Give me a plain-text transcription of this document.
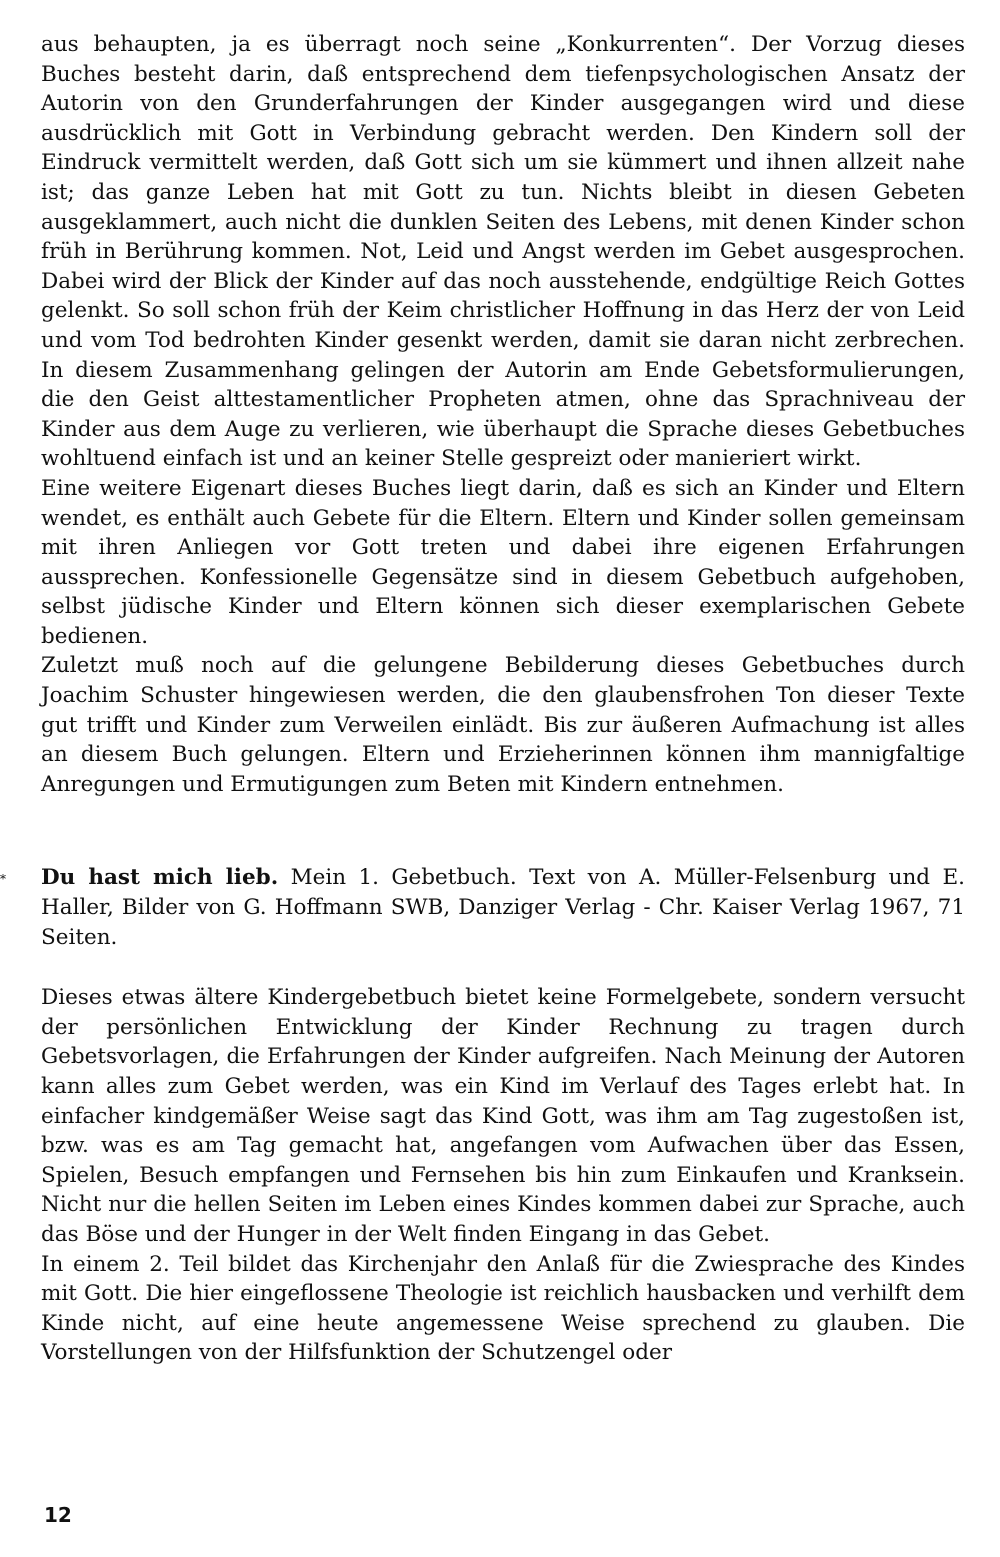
aus behaupten, ja es überragt noch seine „Konkurrenten“. Der Vorzug dieses Buches besteht darin, daß entsprechend dem tiefenpsychologischen Ansatz der Autorin von den Grunderfahrungen der Kinder ausgegangen wird und diese ausdrücklich mit Gott in Verbindung gebracht werden. Den Kindern soll der Eindruck vermittelt werden, daß Gott sich um sie kümmert und ihnen allzeit nahe ist; das ganze Leben hat mit Gott zu tun. Nichts bleibt in diesen Gebeten ausgeklammert, auch nicht die dunklen Seiten des Lebens, mit denen Kinder schon früh in Berührung kommen. Not, Leid und Angst werden im Gebet ausgesprochen. Dabei wird der Blick der Kinder auf das noch ausstehende, endgültige Reich Gottes gelenkt. So soll schon früh der Keim christlicher Hoffnung in das Herz der von Leid und vom Tod bedrohten Kinder gesenkt werden, damit sie daran nicht zerbrechen. In diesem Zusammenhang gelingen der Autorin am Ende Gebetsformulierungen, die den Geist alttestamentlicher Propheten atmen, ohne das Sprachniveau der Kinder aus dem Auge zu verlieren, wie überhaupt die Sprache dieses Gebetbuches wohltuend einfach ist und an keiner Stelle gespreizt oder manieriert wirkt.

Eine weitere Eigenart dieses Buches liegt darin, daß es sich an Kinder und Eltern wendet, es enthält auch Gebete für die Eltern. Eltern und Kinder sollen gemeinsam mit ihren Anliegen vor Gott treten und dabei ihre eigenen Erfahrungen aussprechen. Konfessionelle Gegensätze sind in diesem Gebetbuch aufgehoben, selbst jüdische Kinder und Eltern können sich dieser exemplarischen Gebete bedienen.

Zuletzt muß noch auf die gelungene Bebilderung dieses Gebetbuches durch Joachim Schuster hingewiesen werden, die den glaubensfrohen Ton dieser Texte gut trifft und Kinder zum Verweilen einlädt. Bis zur äußeren Aufmachung ist alles an diesem Buch gelungen. Eltern und Erzieherinnen können ihm mannigfaltige Anregungen und Ermutigungen zum Beten mit Kindern entnehmen.

Du hast mich lieb. Mein 1. Gebetbuch. Text von A. Müller-Felsenburg und E. Haller, Bilder von G. Hoffmann SWB, Danziger Verlag - Chr. Kaiser Verlag 1967, 71 Seiten.

Dieses etwas ältere Kindergebetbuch bietet keine Formelgebete, sondern versucht der persönlichen Entwicklung der Kinder Rechnung zu tragen durch Gebetsvorlagen, die Erfahrungen der Kinder aufgreifen. Nach Meinung der Autoren kann alles zum Gebet werden, was ein Kind im Verlauf des Tages erlebt hat. In einfacher kindgemäßer Weise sagt das Kind Gott, was ihm am Tag zugestoßen ist, bzw. was es am Tag gemacht hat, angefangen vom Aufwachen über das Essen, Spielen, Besuch empfangen und Fernsehen bis hin zum Einkaufen und Kranksein. Nicht nur die hellen Seiten im Leben eines Kindes kommen dabei zur Sprache, auch das Böse und der Hunger in der Welt finden Eingang in das Gebet.

In einem 2. Teil bildet das Kirchenjahr den Anlaß für die Zwiesprache des Kindes mit Gott. Die hier eingeflossene Theologie ist reichlich hausbacken und verhilft dem Kinde nicht, auf eine heute angemessene Weise sprechend zu glauben. Die Vorstellungen von der Hilfsfunktion der Schutzengel oder

*
12
